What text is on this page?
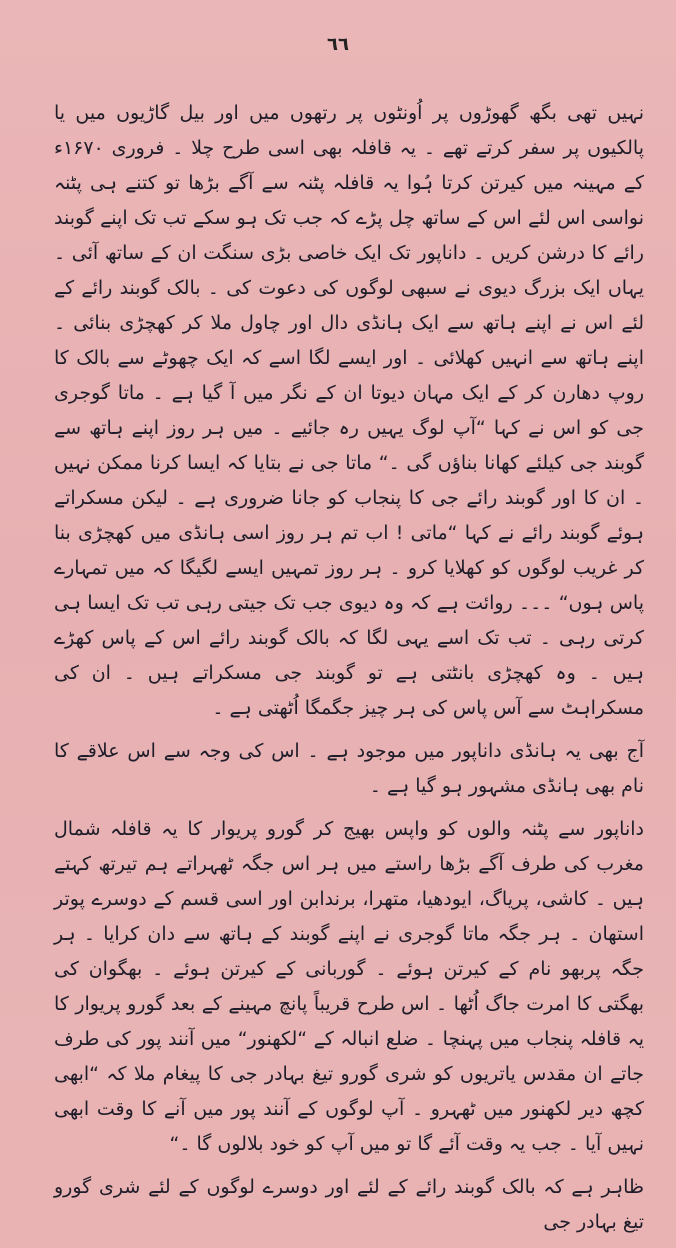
٦٦

نہیں تھی بگھ گھوڑوں پر اُونٹوں پر رتھوں میں اور بیل گاڑیوں میں یا پالکیوں پر سفر کرتے تھے ۔ یہ قافلہ بھی اسی طرح چلا ۔ فروری ۱۶۷۰ء کے مہینہ میں کیرتن کرتا ہُوا یہ قافلہ پٹنہ سے آگے بڑھا تو کتنے ہی پٹنہ نواسی اس لئے اس کے ساتھ چل پڑے کہ جب تک ہو سکے تب تک اپنے گوبند رائے کا درشن کریں ۔ داناپور تک ایک خاصی بڑی سنگت ان کے ساتھ آئی ۔ یہاں ایک بزرگ دیوی نے سبھی لوگوں کی دعوت کی ۔ بالک گوبند رائے کے لئے اس نے اپنے ہاتھ سے ایک ہانڈی دال اور چاول ملا کر کھچڑی بنائی ۔ اپنے ہاتھ سے انہیں کھلائی ۔ اور ایسے لگا اسے کہ ایک چھوٹے سے بالک کا روپ دھارن کر کے ایک مہان دیوتا ان کے نگر میں آ گیا ہے ۔ ماتا گوجری جی کو اس نے کہا “آپ لوگ یہیں رہ جائیے ۔ میں ہر روز اپنے ہاتھ سے گوبند جی کیلئے کھانا بناؤں گی ۔“ ماتا جی نے بتایا کہ ایسا کرنا ممکن نہیں ۔ ان کا اور گوبند رائے جی کا پنجاب کو جانا ضروری ہے ۔ لیکن مسکراتے ہوئے گوبند رائے نے کہا “ماتی ! اب تم ہر روز اسی ہانڈی میں کھچڑی بنا کر غریب لوگوں کو کھلایا کرو ۔ ہر روز تمہیں ایسے لگیگا کہ میں تمہارے پاس ہوں“ ۔۔۔ روائت ہے کہ وہ دیوی جب تک جیتی رہی تب تک ایسا ہی کرتی رہی ۔ تب تک اسے یہی لگا کہ بالک گوبند رائے اس کے پاس کھڑے ہیں ۔ وہ کھچڑی بانٹتی ہے تو گوبند جی مسکراتے ہیں ۔ ان کی مسکراہٹ سے آس پاس کی ہر چیز جگمگا اُٹھتی ہے ۔

آج بھی یہ ہانڈی داناپور میں موجود ہے ۔ اس کی وجہ سے اس علاقے کا نام بھی ہانڈی مشہور ہو گیا ہے ۔

داناپور سے پٹنہ والوں کو واپس بھیج کر گورو پریوار کا یہ قافلہ شمال مغرب کی طرف آگے بڑھا راستے میں ہر اس جگہ ٹھہراتے ہم تیرتھ کہتے ہیں ۔ کاشی، پریاگ، ایودھیا، متھرا، برندابن اور اسی قسم کے دوسرے پوتر استھان ۔ ہر جگہ ماتا گوجری نے اپنے گوبند کے ہاتھ سے دان کرایا ۔ ہر جگہ پربھو نام کے کیرتن ہوئے ۔ گوربانی کے کیرتن ہوئے ۔ بھگوان کی بھگتی کا امرت جاگ اُٹھا ۔ اس طرح قریباً پانچ مہینے کے بعد گورو پریوار کا یہ قافلہ پنجاب میں پہنچا ۔ ضلع انبالہ کے “لکھنور“ میں آنند پور کی طرف جاتے ان مقدس یاتریوں کو شری گورو تیغ بہادر جی کا پیغام ملا کہ “ابھی کچھ دیر لکھنور میں ٹھہرو ۔ آپ لوگوں کے آنند پور میں آنے کا وقت ابھی نہیں آیا ۔ جب یہ وقت آئے گا تو میں آپ کو خود بلالوں گا ۔“

ظاہر ہے کہ بالک گوبند رائے کے لئے اور دوسرے لوگوں کے لئے شری گورو تیغ بہادر جی
